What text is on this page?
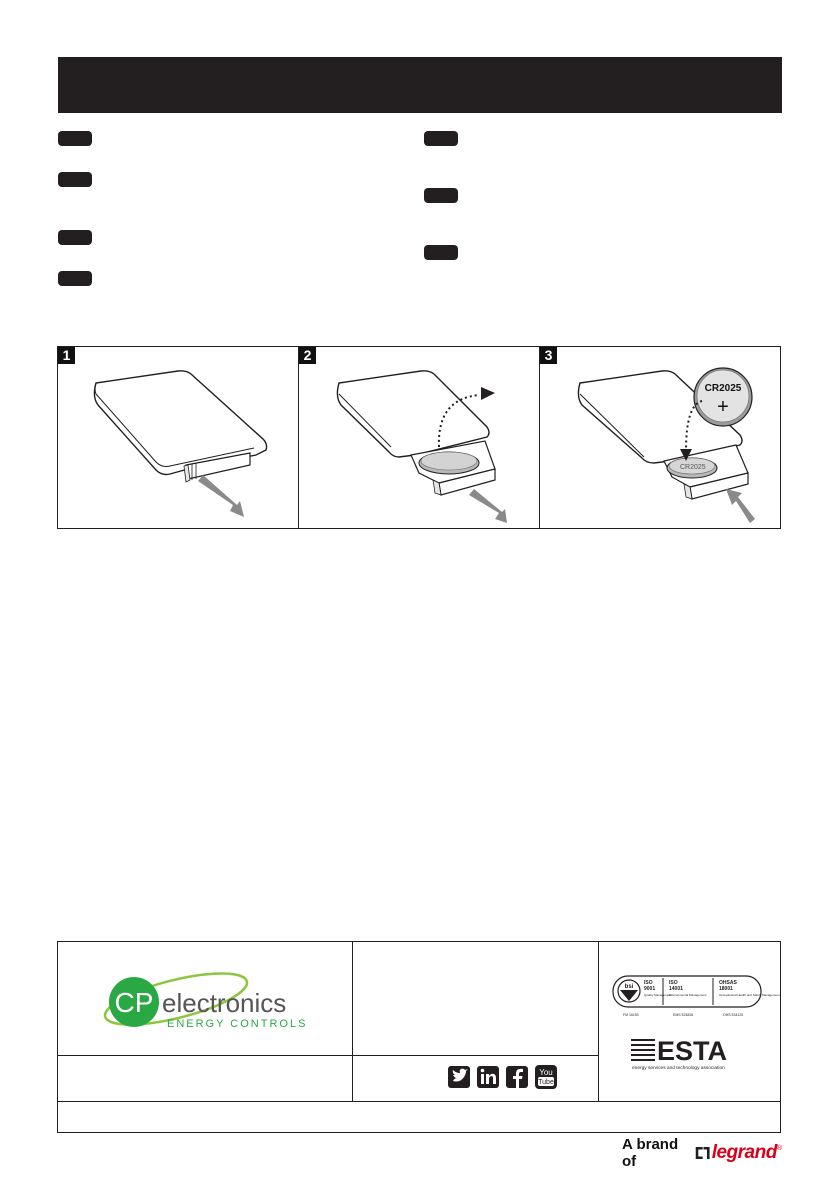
1	2
CR2025
CR2025
+
3
CP electronics
ENERGY CONTROLS
bsi
ISO
9001
Quality Management
ISO
14001
Environmental Management
OHSAS
18001
Occupational Health and Safety Management
FM 16150	EMS 524826	OHS 534120
ESTA
energy services and technology association
You
Tube
A brand of	legrand ®
